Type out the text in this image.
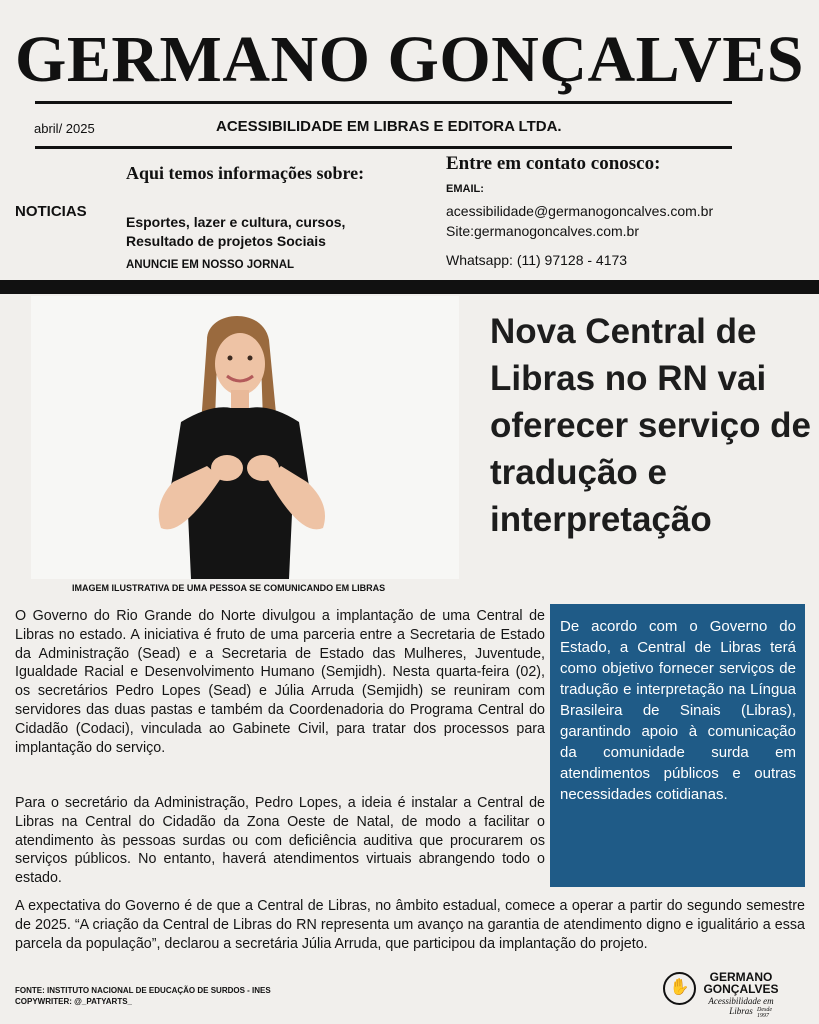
GERMANO GONÇALVES
abril/ 2025	ACESSIBILIDADE EM LIBRAS E EDITORA LTDA.
NOTICIAS
Aqui temos informações sobre:
Esportes, lazer e cultura, cursos,
Resultado de projetos Sociais
ANUNCIE EM NOSSO JORNAL
Entre em contato conosco:
EMAIL:
acessibilidade@germanogoncalves.com.br
Site:germanogoncalves.com.br
Whatsapp: (11) 97128 - 4173
IMAGEM ILUSTRATIVA DE UMA PESSOA SE COMUNICANDO EM LIBRAS
Nova Central de Libras no RN vai oferecer serviço de tradução e interpretação
O Governo do Rio Grande do Norte divulgou a implantação de uma Central de Libras no estado. A iniciativa é fruto de uma parceria entre a Secretaria de Estado da Administração (Sead) e a Secretaria de Estado das Mulheres, Juventude, Igualdade Racial e Desenvolvimento Humano (Semjidh). Nesta quarta-feira (02), os secretários Pedro Lopes (Sead) e Júlia Arruda (Semjidh) se reuniram com servidores das duas pastas e também da Coordenadoria do Programa Central do Cidadão (Codaci), vinculada ao Gabinete Civil, para tratar dos processos para implantação do serviço.
Para o secretário da Administração, Pedro Lopes, a ideia é instalar a Central de Libras na Central do Cidadão da Zona Oeste de Natal, de modo a facilitar o atendimento às pessoas surdas ou com deficiência auditiva que procurarem os serviços públicos. No entanto, haverá atendimentos virtuais abrangendo todo o estado.
A expectativa do Governo é de que a Central de Libras, no âmbito estadual, comece a operar a partir do segundo semestre de 2025. “A criação da Central de Libras do RN representa um avanço na garantia de atendimento digno e igualitário a essa parcela da população”, declarou a secretária Júlia Arruda, que participou da implantação do projeto.
De acordo com o Governo do Estado, a Central de Libras terá como objetivo fornecer serviços de tradução e interpretação na Língua Brasileira de Sinais (Libras), garantindo apoio à comunicação da comunidade surda em atendimentos públicos e outras necessidades cotidianas.
FONTE: INSTITUTO NACIONAL DE EDUCAÇÃO DE SURDOS - INES
COPYWRITER: @_PATYARTS_
✋
GERMANO
GONÇALVES
Acessibilidade em Libras Desde 1997
